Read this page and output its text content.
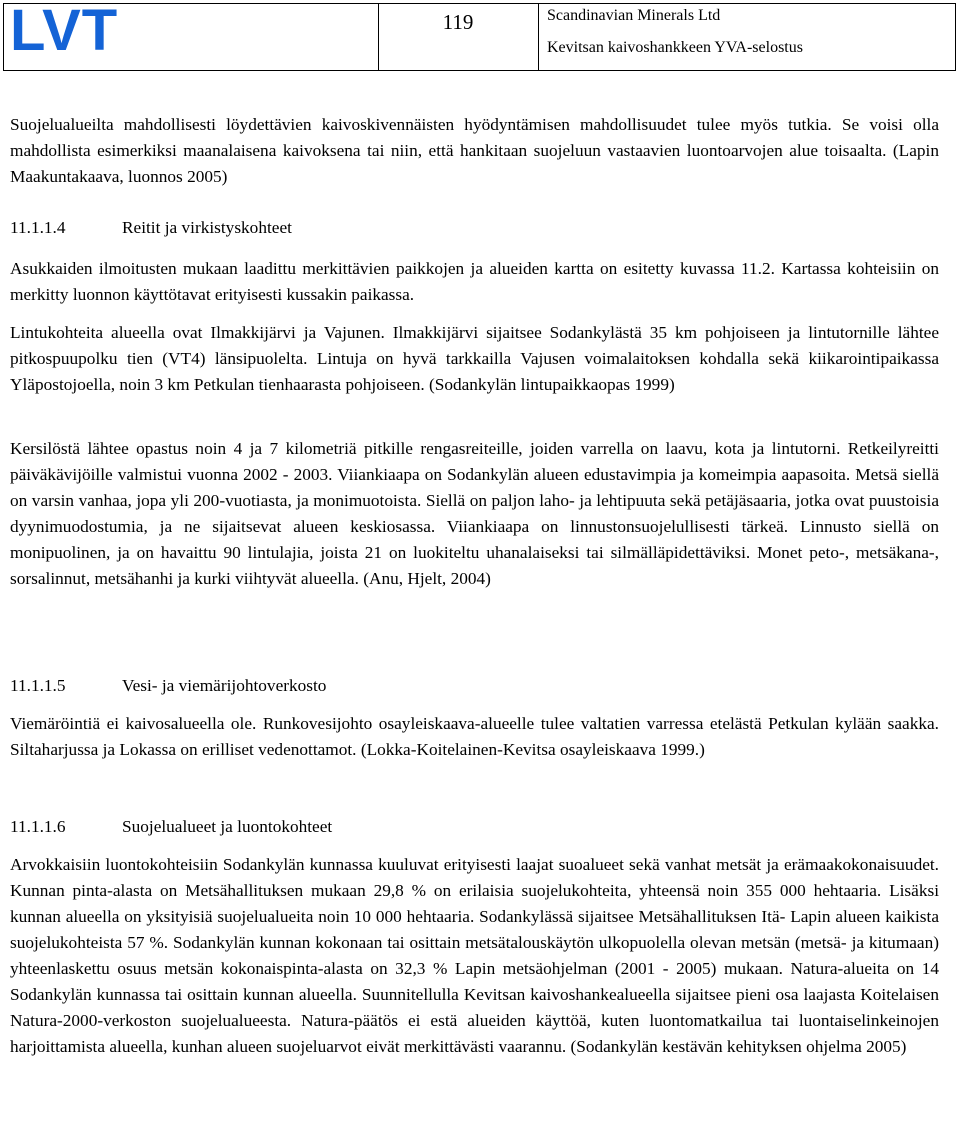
LVT	119	Scandinavian Minerals Ltd
Kevitsan kaivoshankkeen YVA-selostus

Suojelualueilta mahdollisesti löydettävien kaivoskivennäisten hyödyntämisen mahdollisuudet tulee myös tutkia. Se voisi olla mahdollista esimerkiksi maanalaisena kaivoksena tai niin, että hankitaan suojeluun vastaavien luontoarvojen alue toisaalta. (Lapin Maakuntakaava, luonnos 2005)

11.1.1.4	Reitit ja virkistyskohteet

Asukkaiden ilmoitusten mukaan laadittu merkittävien paikkojen ja alueiden kartta on esitetty kuvassa 11.2. Kartassa kohteisiin on merkitty luonnon käyttötavat erityisesti kussakin paikassa.

Lintukohteita alueella ovat Ilmakkijärvi ja Vajunen. Ilmakkijärvi sijaitsee Sodankylästä 35 km pohjoiseen ja lintutornille lähtee pitkospuupolku tien (VT4) länsipuolelta. Lintuja on hyvä tarkkailla Vajusen voimalaitoksen kohdalla sekä kiikarointipaikassa Yläpostojoella, noin 3 km Petkulan tienhaarasta pohjoiseen. (Sodankylän lintupaikkaopas 1999)

Kersilöstä lähtee opastus noin 4 ja 7 kilometriä pitkille rengasreiteille, joiden varrella on laavu, kota ja lintutorni. Retkeilyreitti päiväkävijöille valmistui vuonna 2002 - 2003. Viiankiaapa on Sodankylän alueen edustavimpia ja komeimpia aapasoita. Metsä siellä on varsin vanhaa, jopa yli 200-vuotiasta, ja monimuotoista. Siellä on paljon laho- ja lehtipuuta sekä petäjäsaaria, jotka ovat puustoisia dyynimuodostumia, ja ne sijaitsevat alueen keskiosassa. Viiankiaapa on linnustonsuojelullisesti tärkeä. Linnusto siellä on monipuolinen, ja on havaittu 90 lintulajia, joista 21 on luokiteltu uhanalaiseksi tai silmälläpidettäviksi. Monet peto-, metsäkana-, sorsalinnut, metsähanhi ja kurki viihtyvät alueella. (Anu, Hjelt, 2004)

11.1.1.5	Vesi- ja viemärijohtoverkosto

Viemäröintiä ei kaivosalueella ole. Runkovesijohto osayleiskaava-alueelle tulee valtatien varressa etelästä Petkulan kylään saakka. Siltaharjussa ja Lokassa on erilliset vedenottamot. (Lokka-Koitelainen-Kevitsa osayleiskaava 1999.)

11.1.1.6	Suojelualueet ja luontokohteet

Arvokkaisiin luontokohteisiin Sodankylän kunnassa kuuluvat erityisesti laajat suoalueet sekä vanhat metsät ja erämaakokonaisuudet. Kunnan pinta-alasta on Metsähallituksen mukaan 29,8 % on erilaisia suojelukohteita, yhteensä noin 355 000 hehtaaria. Lisäksi kunnan alueella on yksityisiä suojelualueita noin 10 000 hehtaaria. Sodankylässä sijaitsee Metsähallituksen Itä- Lapin alueen kaikista suojelukohteista 57 %. Sodankylän kunnan kokonaan tai osittain metsätalouskäytön ulkopuolella olevan metsän (metsä- ja kitumaan) yhteenlaskettu osuus metsän kokonaispinta-alasta on 32,3 % Lapin metsäohjelman (2001 - 2005) mukaan. Natura-alueita on 14 Sodankylän kunnassa tai osittain kunnan alueella. Suunnitellulla Kevitsan kaivoshankealueella sijaitsee pieni osa laajasta Koitelaisen Natura-2000-verkoston suojelualueesta. Natura-päätös ei estä alueiden käyttöä, kuten luontomatkailua tai luontaiselinkeinojen harjoittamista alueella, kunhan alueen suojeluarvot eivät merkittävästi vaarannu. (Sodankylän kestävän kehityksen ohjelma 2005)
